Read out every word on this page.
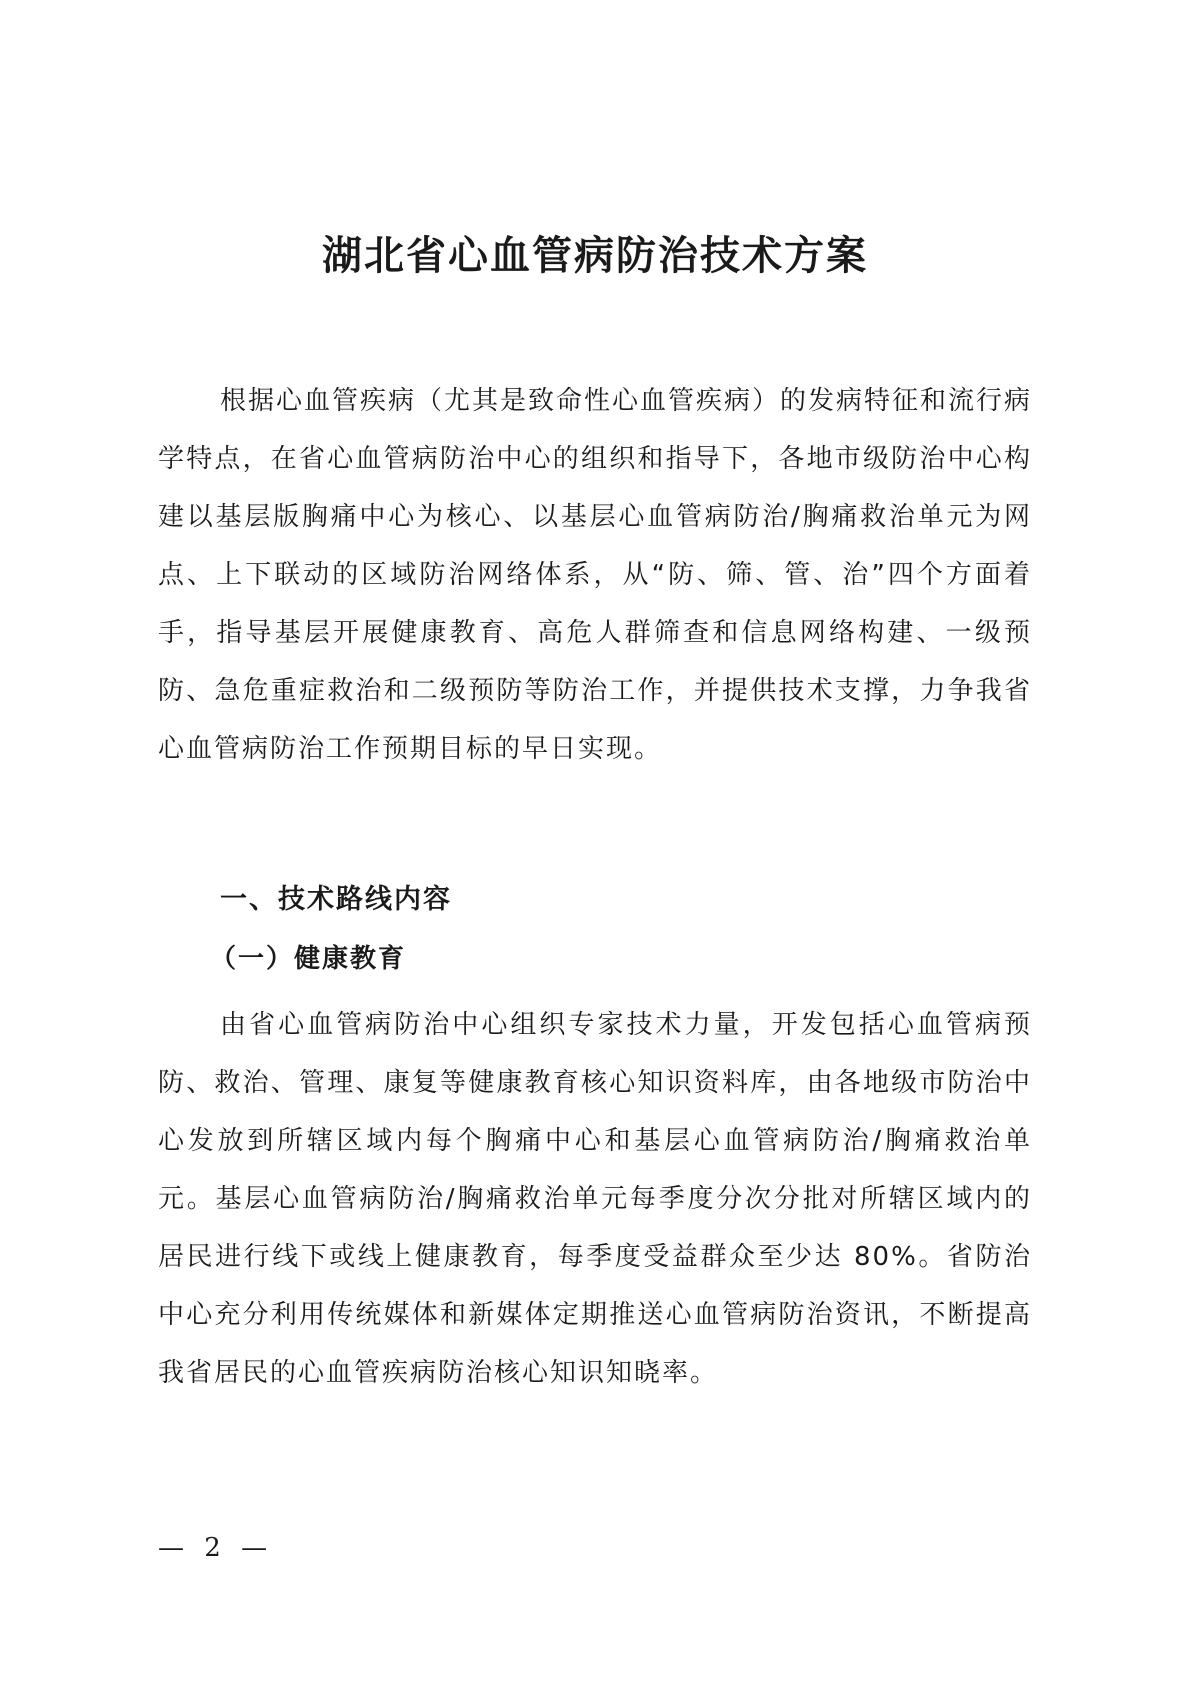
湖北省心血管病防治技术方案

根据心血管疾病（尤其是致命性心血管疾病）的发病特征和流行病学特点，在省心血管病防治中心的组织和指导下，各地市级防治中心构建以基层版胸痛中心为核心、以基层心血管病防治/胸痛救治单元为网点、上下联动的区域防治网络体系，从“防、筛、管、治”四个方面着手，指导基层开展健康教育、高危人群筛查和信息网络构建、一级预防、急危重症救治和二级预防等防治工作，并提供技术支撑，力争我省心血管病防治工作预期目标的早日实现。

一、技术路线内容
（一）健康教育

由省心血管病防治中心组织专家技术力量，开发包括心血管病预防、救治、管理、康复等健康教育核心知识资料库，由各地级市防治中心发放到所辖区域内每个胸痛中心和基层心血管病防治/胸痛救治单元。基层心血管病防治/胸痛救治单元每季度分次分批对所辖区域内的居民进行线下或线上健康教育，每季度受益群众至少达 80%。省防治中心充分利用传统媒体和新媒体定期推送心血管病防治资讯，不断提高我省居民的心血管疾病防治核心知识知晓率。

— 2 —
